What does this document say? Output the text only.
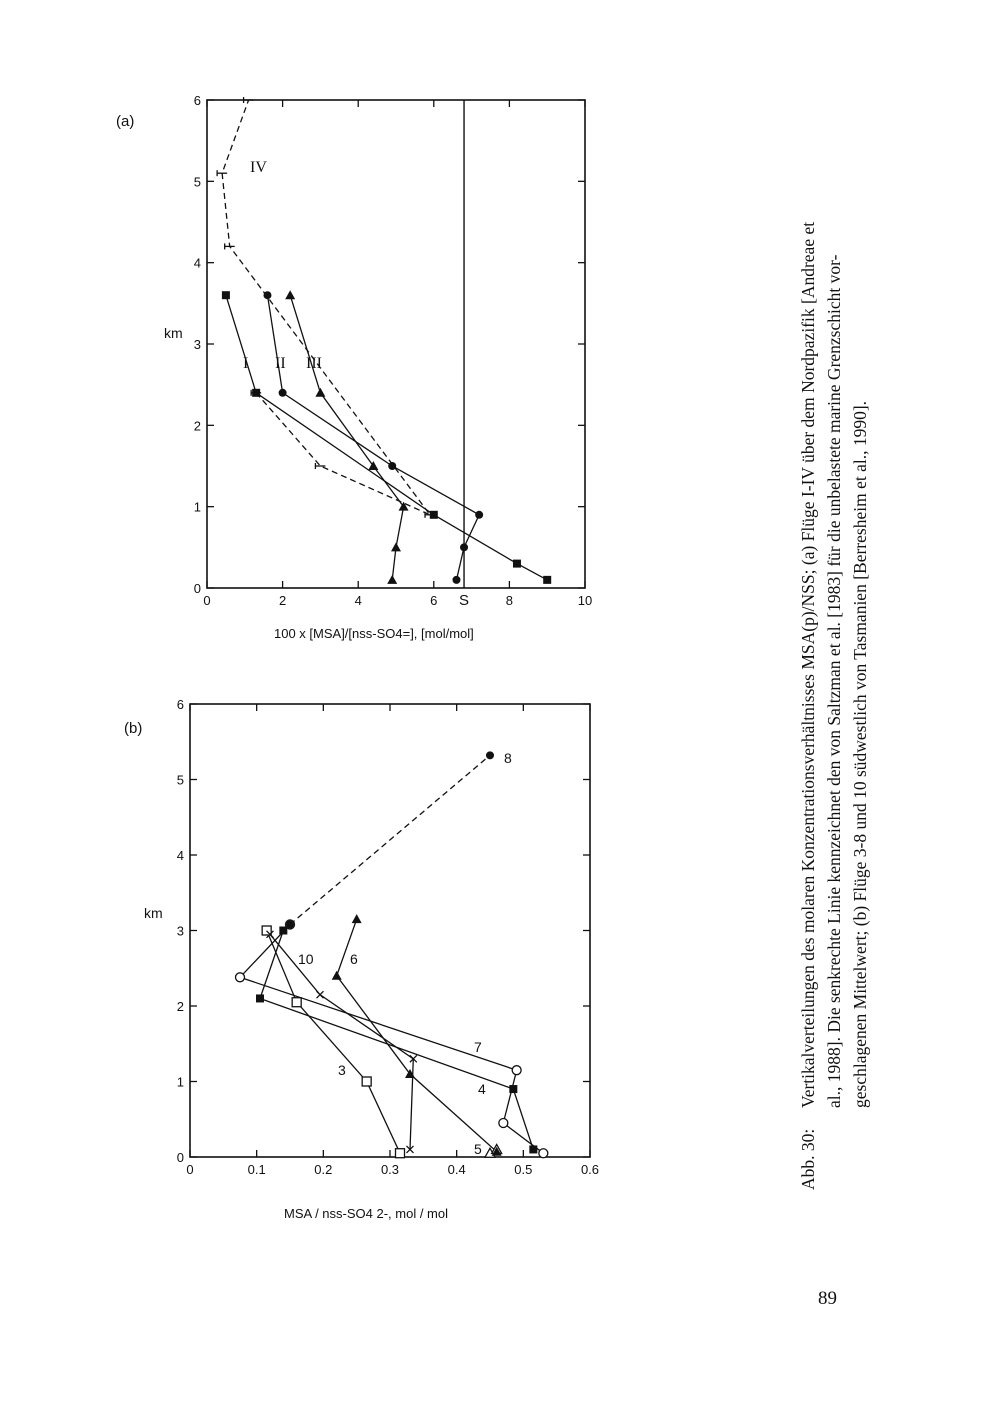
(a)
0	2	4	6	8	10
0
1
2
3
4
5
6
km
100 x [MSA]/[nss-SO4=], [mol/mol]
S
I II III
IV
(b)
0	0.1	0.2	0.3	0.4	0.5	0.6
0
1
2
3
4
5
6
km
MSA / nss-SO4 2-, mol / mol
3
4
5
6
7
8
10
Abb. 30:Vertikalverteilungen des molaren Konzentrationsverhältnisses MSA(p)/NSS; (a) Flüge I-IV über dem Nordpazifik [Andreae et al., 1988]. Die senkrechte Linie kennzeichnet den von Saltzman et al. [1983] für die unbelastete marine Grenzschicht vor- geschlagenen Mittelwert; (b) Flüge 3-8 und 10 südwestlich von Tasmanien [Berresheim et al., 1990].
89
